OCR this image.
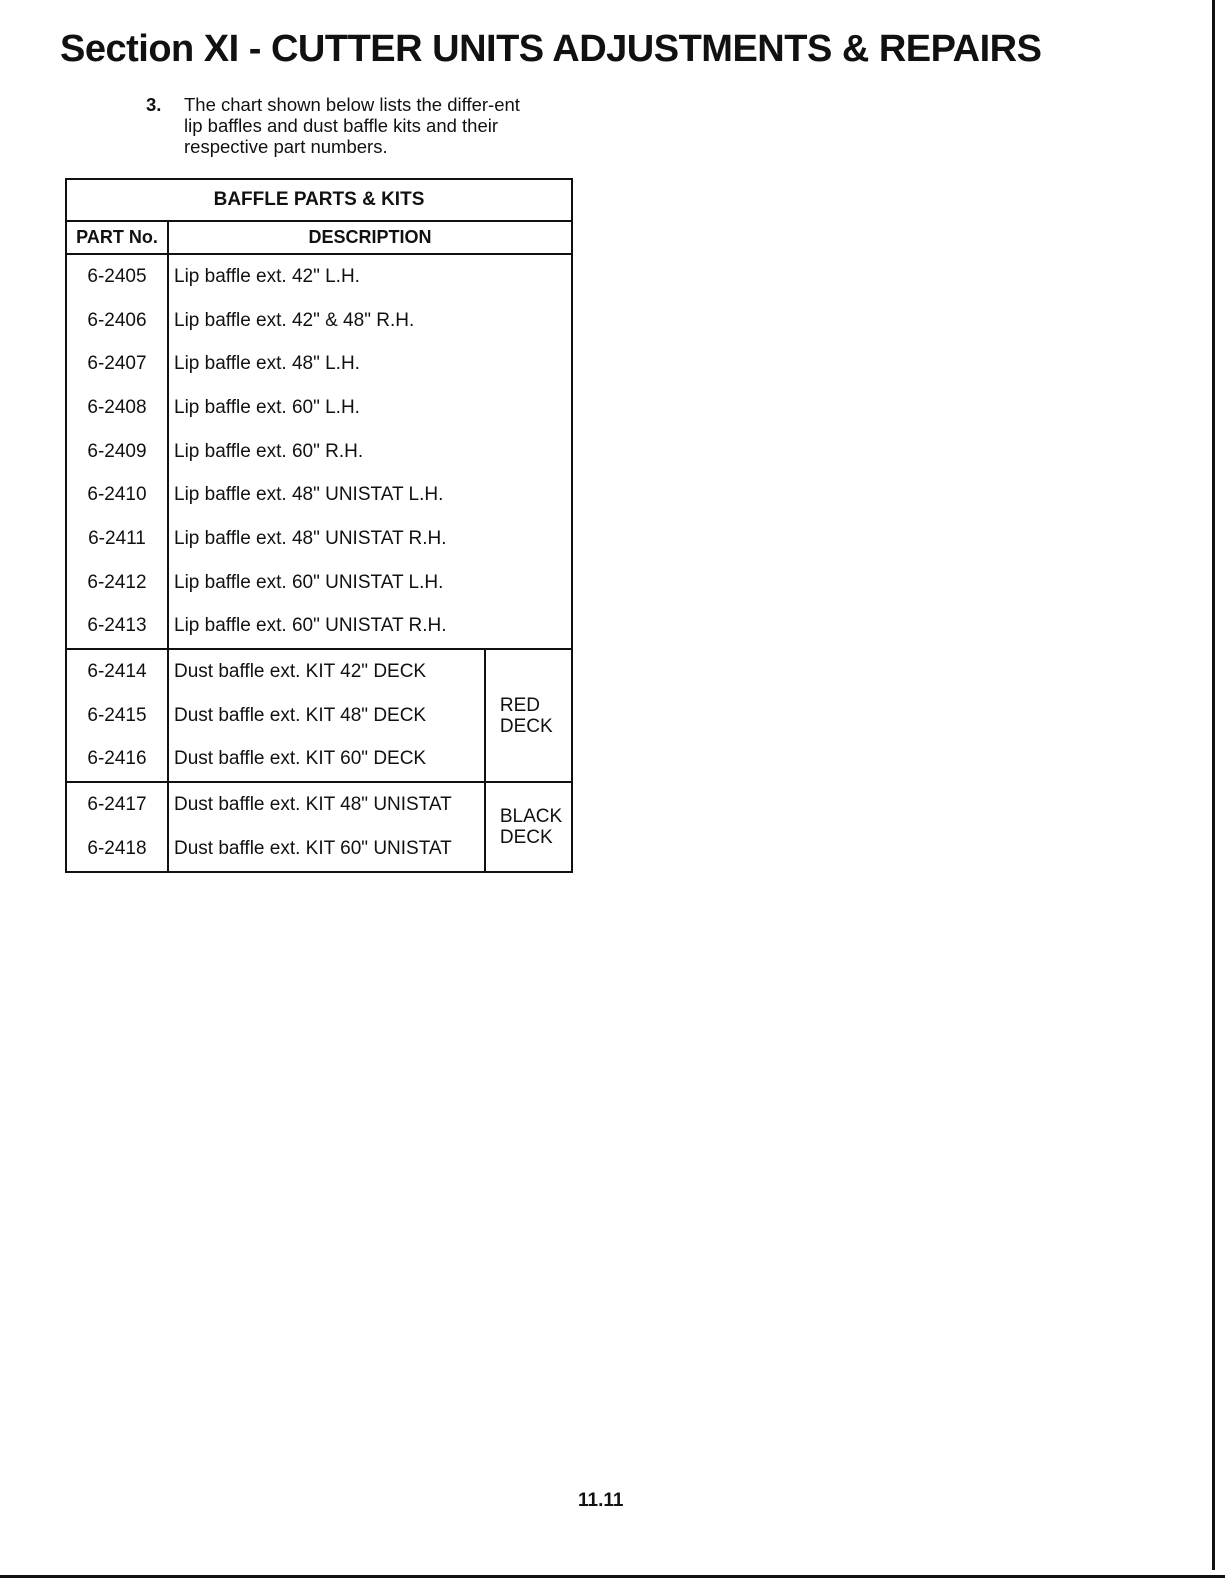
Section XI - CUTTER UNITS ADJUSTMENTS & REPAIRS
3. The chart shown below lists the differ-ent lip baffles and dust baffle kits and their respective part numbers.
BAFFLE PARTS & KITS		
PART No.	DESCRIPTION	
6-2405	Lip baffle ext. 42" L.H.	
6-2406	Lip baffle ext. 42" & 48" R.H.	
6-2407	Lip baffle ext. 48" L.H.	
6-2408	Lip baffle ext. 60" L.H.	
6-2409	Lip baffle ext. 60" R.H.	
6-2410	Lip baffle ext. 48" UNISTAT L.H.	
6-2411	Lip baffle ext. 48" UNISTAT R.H.	
6-2412	Lip baffle ext. 60" UNISTAT L.H.	
6-2413	Lip baffle ext. 60" UNISTAT R.H.	
6-2414	Dust baffle ext. KIT 42" DECK	RED
DECK

6-2415	Dust baffle ext. KIT 48" DECK	
6-2416	Dust baffle ext. KIT 60" DECK	
6-2417	Dust baffle ext. KIT 48" UNISTAT	BLACK
DECK

6-2418	Dust baffle ext. KIT 60" UNISTAT	
11.11
